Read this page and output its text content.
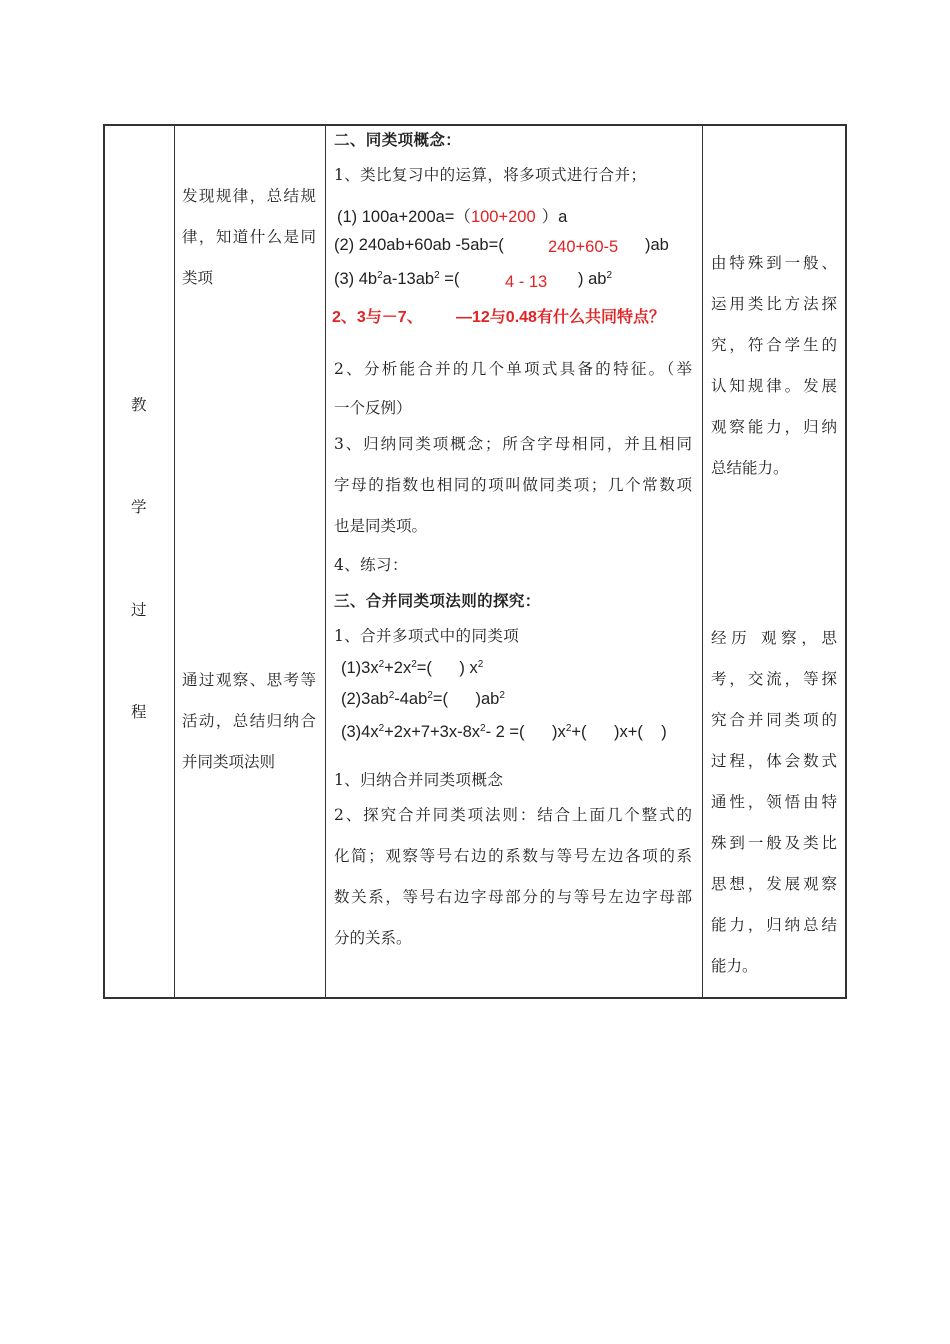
教
学
过
程
发现规律，总结规
律，知道什么是同
类项
通过观察、思考等
活动，总结归纳合
并同类项法则
二、同类项概念：
1、类比复习中的运算，将多项式进行合并；
(1) 100a+200a=（100+200 ）a
(2) 240ab+60ab -5ab=(	240+60-5 )ab
(3) $4b^2a-13ab^2$ =(	4 - 13 ) $ab^2$
2、3与－7、 —12与0.48有什么共同特点？
2、分析能合并的几个单项式具备的特征。（举
一个反例）
3、归纳同类项概念；所含字母相同，并且相同
字母的指数也相同的项叫做同类项；几个常数项
也是同类项。
4、练习：
三、合并同类项法则的探究：
1、合并多项式中的同类项
$(1)3x^2+2x^2=$(      ) $x^2$
$(2)3ab^2-4ab^2=$(      )$ab^2$
$(3)4x^2+2x+7+3x-8x^2-$ 2 =(      )$x^2+$(      )x+(    )
1、归纳合并同类项概念
2、探究合并同类项法则：结合上面几个整式的
化简；观察等号右边的系数与等号左边各项的系
数关系，等号右边字母部分的与等号左边字母部
分的关系。
由特殊到一般、
运用类比方法探
究，符合学生的
认知规律。发展
观察能力，归纳
总结能力。
经历 观察，思
考，交流，等探
究合并同类项的
过程，体会数式
通性，领悟由特
殊到一般及类比
思想，发展观察
能力，归纳总结
能力。
